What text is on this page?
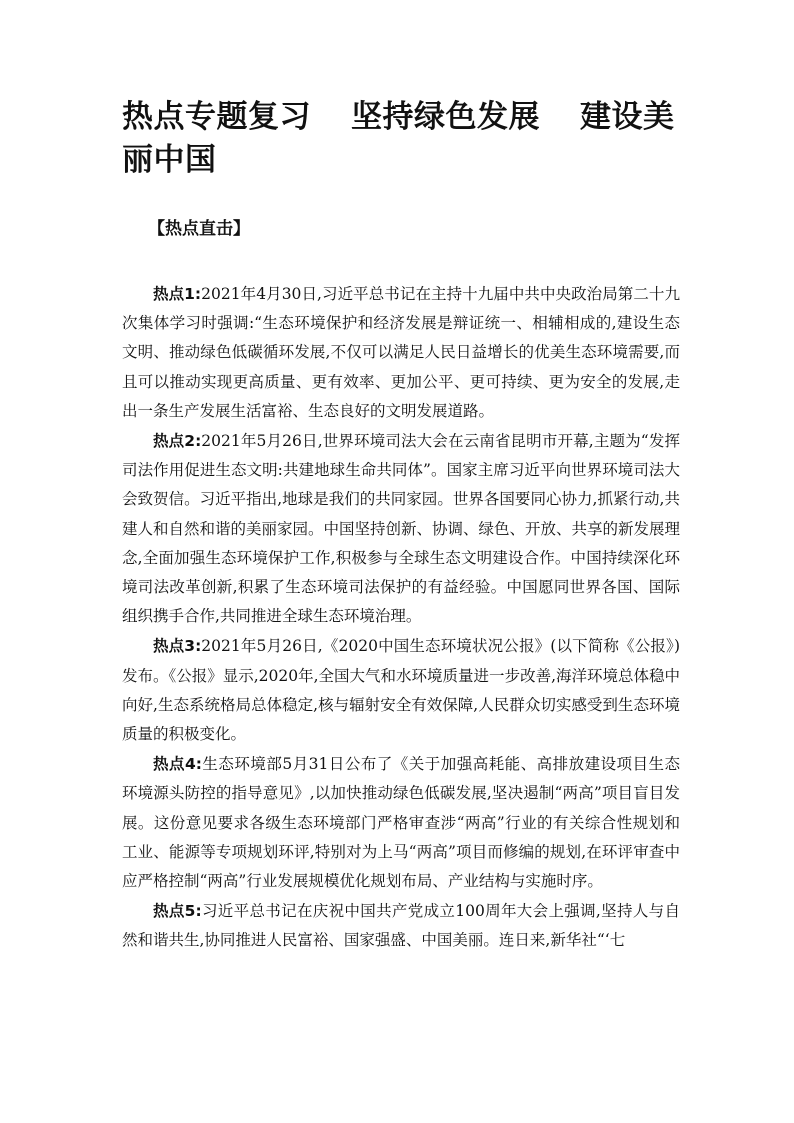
热点专题复习 坚持绿色发展 建设美丽中国

【热点直击】

热点1:2021年4月30日,习近平总书记在主持十九届中共中央政治局第二十九次集体学习时强调:“生态环境保护和经济发展是辩证统一、相辅相成的,建设生态文明、推动绿色低碳循环发展,不仅可以满足人民日益增长的优美生态环境需要,而且可以推动实现更高质量、更有效率、更加公平、更可持续、更为安全的发展,走出一条生产发展生活富裕、生态良好的文明发展道路。

热点2:2021年5月26日,世界环境司法大会在云南省昆明市开幕,主题为“发挥司法作用促进生态文明:共建地球生命共同体”。国家主席习近平向世界环境司法大会致贺信。习近平指出,地球是我们的共同家园。世界各国要同心协力,抓紧行动,共建人和自然和谐的美丽家园。中国坚持创新、协调、绿色、开放、共享的新发展理念,全面加强生态环境保护工作,积极参与全球生态文明建设合作。中国持续深化环境司法改革创新,积累了生态环境司法保护的有益经验。中国愿同世界各国、国际组织携手合作,共同推进全球生态环境治理。

热点3:2021年5月26日,《2020中国生态环境状况公报》(以下简称《公报》)发布。《公报》显示,2020年,全国大气和水环境质量进一步改善,海洋环境总体稳中向好,生态系统格局总体稳定,核与辐射安全有效保障,人民群众切实感受到生态环境质量的积极变化。

热点4:生态环境部5月31日公布了《关于加强高耗能、高排放建设项目生态环境源头防控的指导意见》,以加快推动绿色低碳发展,坚决遏制“两高”项目盲目发展。这份意见要求各级生态环境部门严格审查涉“两高”行业的有关综合性规划和工业、能源等专项规划环评,特别对为上马“两高”项目而修编的规划,在环评审查中应严格控制“两高”行业发展规模优化规划布局、产业结构与实施时序。

热点5:习近平总书记在庆祝中国共产党成立100周年大会上强调,坚持人与自然和谐共生,协同推进人民富裕、国家强盛、中国美丽。连日来,新华社“‘七
